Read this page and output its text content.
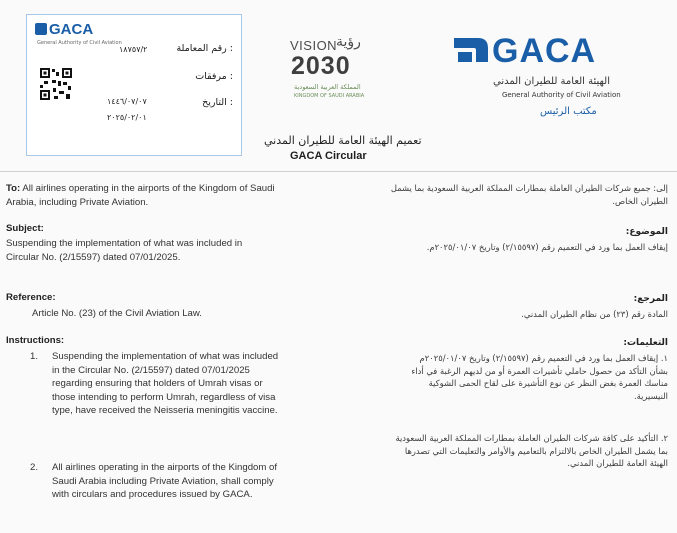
GACA
General Authority of Civil Aviation	رقم المعاملة :
١٨٧٥٧/٢
مرفقات :
التاريخ :
١٤٤٦/٠٧/٠٧
٢٠٢٥/٠٢/٠١
VISION
رؤية
2030
المملكة العربية السعودية
KINGDOM OF SAUDI ARABIA
GACA
الهيئة العامة للطيران المدني
General Authority of Civil Aviation
مكتب الرئيس
تعميم الهيئة العامة للطيران المدني
GACA Circular
To: All airlines operating in the airports of the Kingdom of Saudi
Arabia, including Private Aviation.
إلى: جميع شركات الطيران العاملة بمطارات المملكة العربية السعودية بما يشمل
الطيران الخاص.
Subject:
Suspending the implementation of what was included in
Circular No. (2/15597) dated 07/01/2025.
الموضوع:
إيقاف العمل بما ورد في التعميم رقم (٢/١٥٥٩٧) وتاريخ ٢٠٢٥/٠١/٠٧م.
Reference:
Article No. (23) of the Civil Aviation Law.
المرجع:
المادة رقم (٢٣) من نظام الطيران المدني.
Instructions:	التعليمات:
1. Suspending the implementation of what was included
in the Circular No. (2/15597) dated 07/01/2025
regarding ensuring that holders of Umrah visas or
those intending to perform Umrah, regardless of visa
type, have received the Neisseria meningitis vaccine.
١. إيقاف العمل بما ورد في التعميم رقم (٢/١٥٥٩٧) وتاريخ ٢٠٢٥/٠١/٠٧م
بشأن التأكد من حصول حاملي تأشيرات العمرة أو من لديهم الرغبة في أداء
مناسك العمرة بغض النظر عن نوع التأشيرة على لقاح الحمى الشوكية
النيسيرية.
2. All airlines operating in the airports of the Kingdom of
Saudi Arabia including Private Aviation, shall comply
with circulars and procedures issued by GACA.
٢. التأكيد على كافة شركات الطيران العاملة بمطارات المملكة العربية السعودية
بما يشمل الطيران الخاص بالالتزام بالتعاميم والأوامر والتعليمات التي تصدرها
الهيئة العامة للطيران المدني.
